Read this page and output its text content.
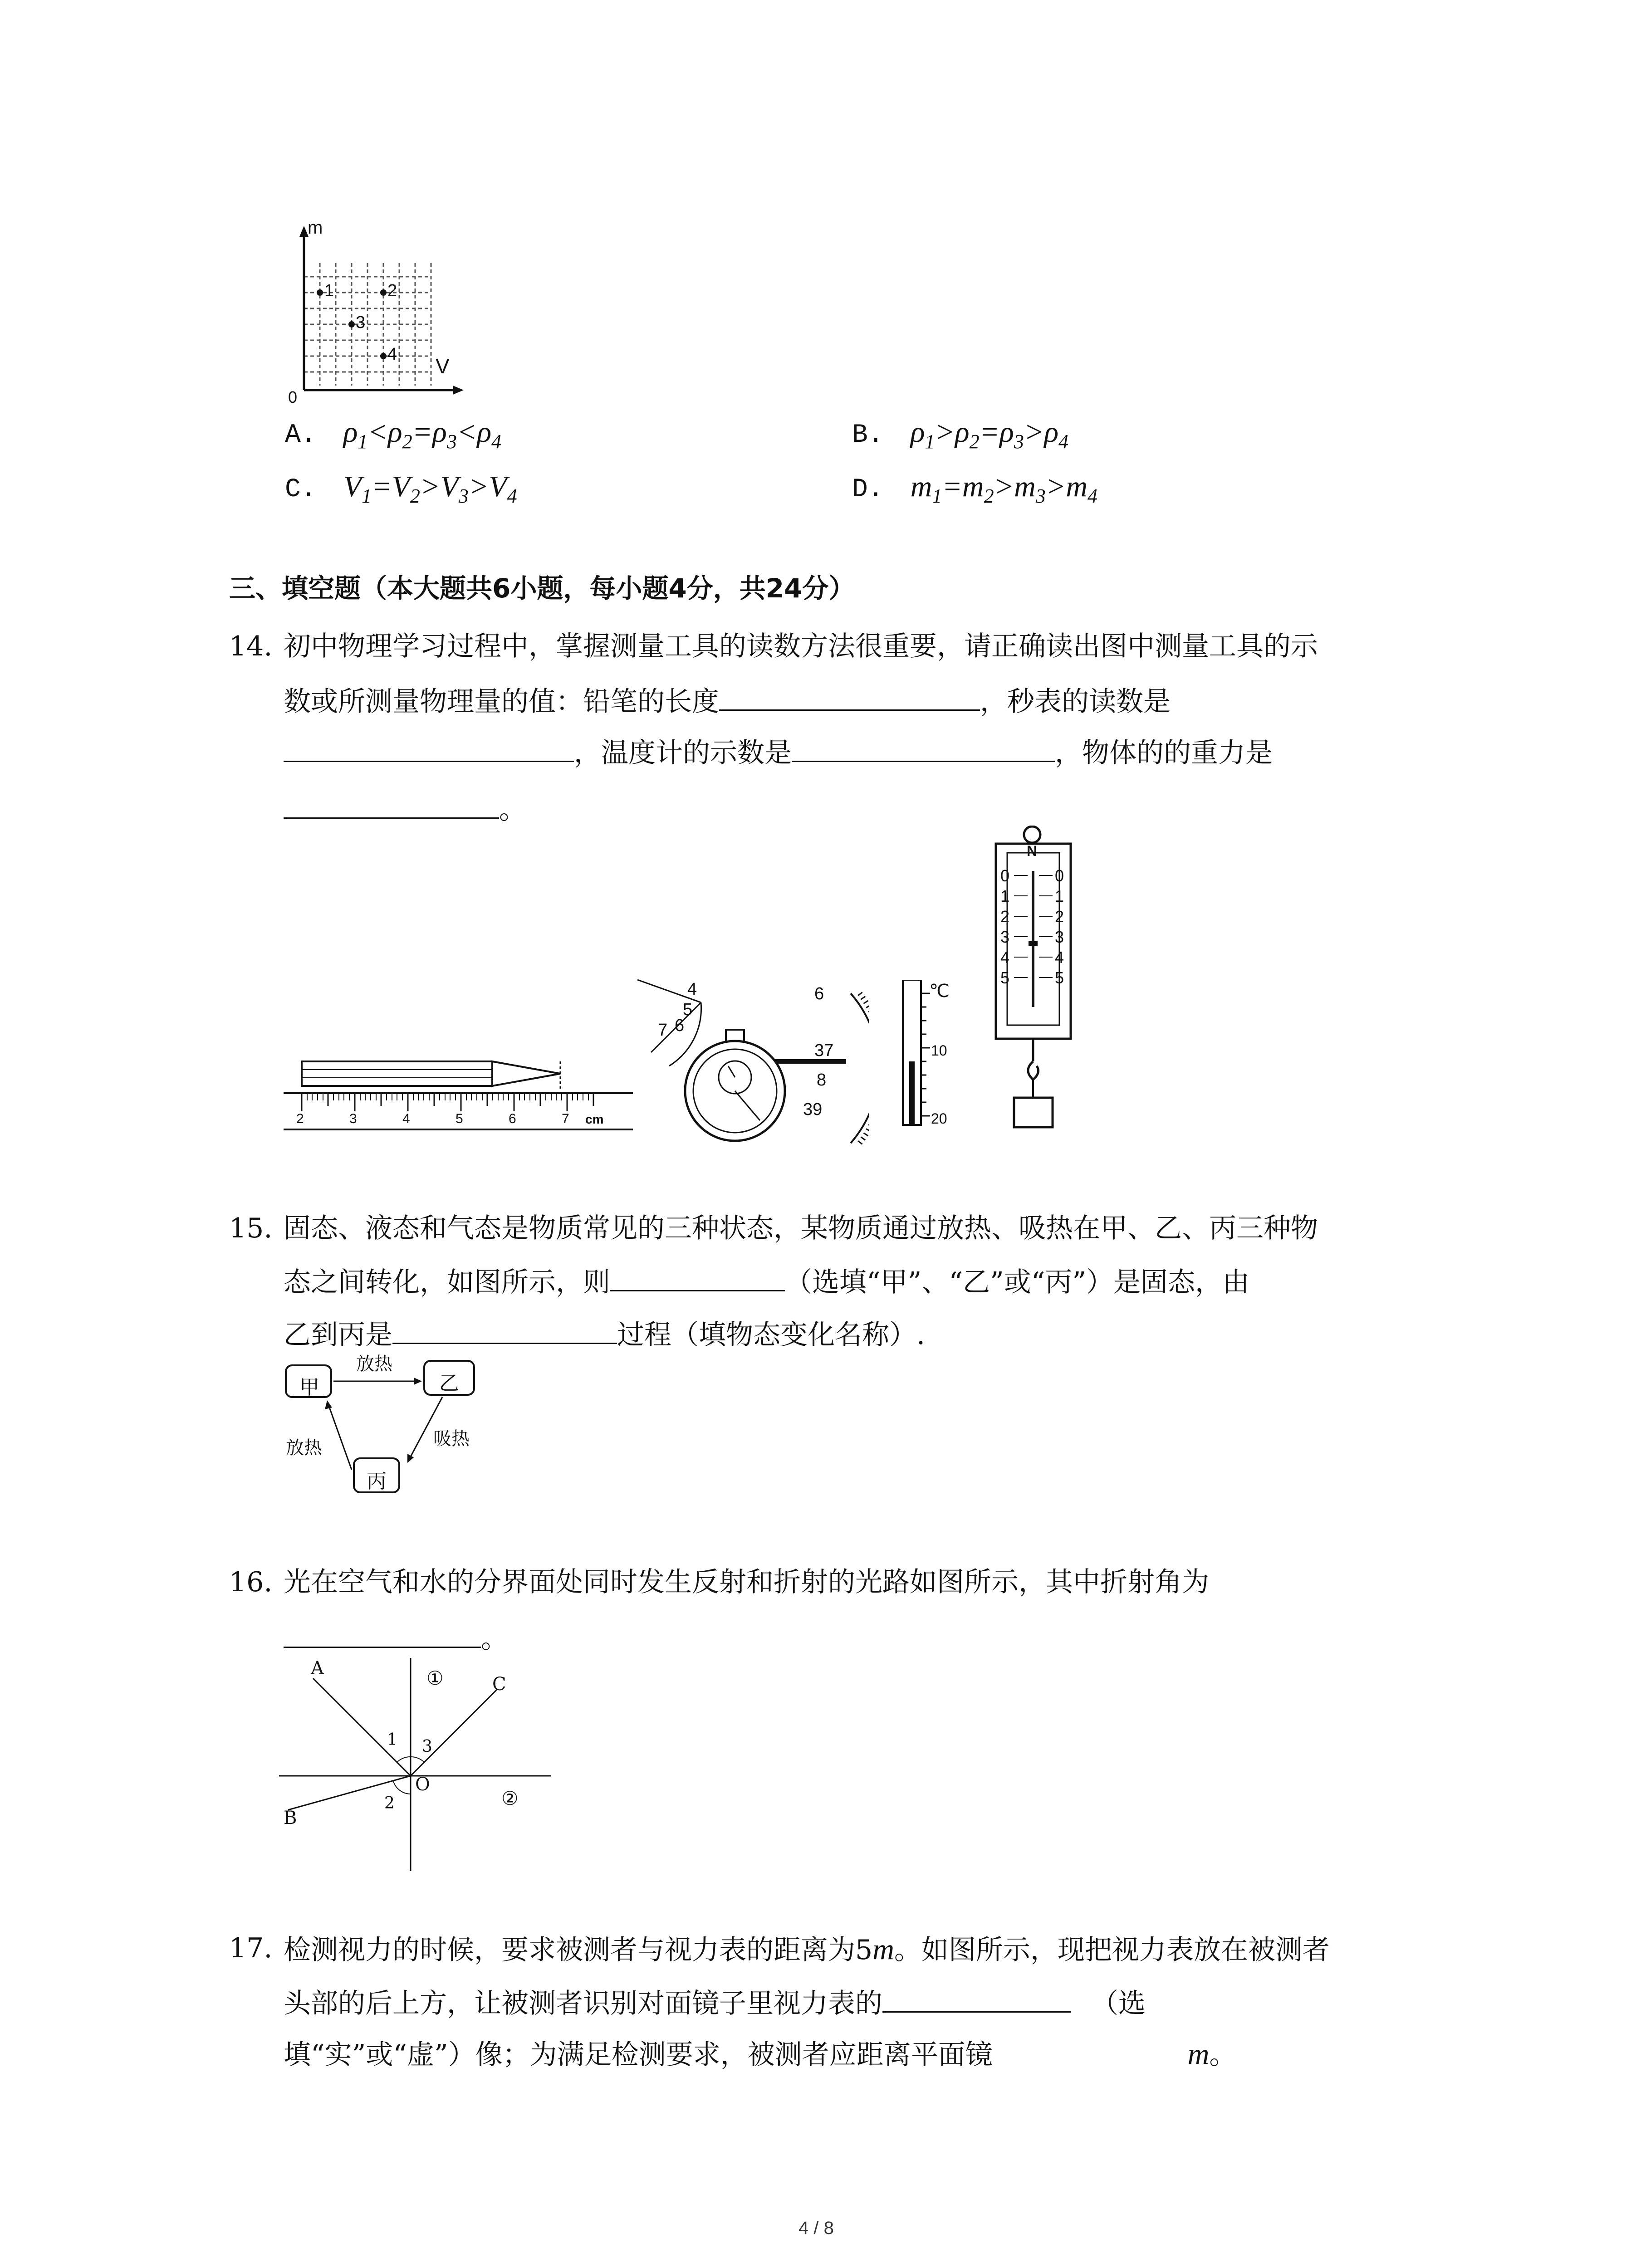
m
V
0
1	2
3
4
A. $\rho_1<\rho_2=\rho_3<\rho_4$	B. $\rho_1>\rho_2=\rho_3>\rho_4$
C. $V_1=V_2>V_3>V_4$	D. $m_1=m_2>m_3>m_4$
三、填空题（本大题共6小题，每小题4分，共24分）
14. 初中物理学习过程中，掌握测量工具的读数方法很重要，请正确读出图中测量工具的示
数或所测量物理量的值：铅笔的长度	，秒表的读数是
，温度计的示数是	，物体的的重力是
。
2	3	4	5	6	7 cm
4
5
6
7
6
37
8
39
℃
10
20
N
0
1
2
3
4
5
0
1
2
3
4
5
15. 固态、液态和气态是物质常见的三种状态，某物质通过放热、吸热在甲、乙、丙三种物
态之间转化，如图所示，则	（选填“甲”、“乙”或“丙”）是固态，由
乙到丙是	过程（填物态变化名称）.
甲	乙
丙
放热
吸热
放热
16. 光在空气和水的分界面处同时发生反射和折射的光路如图所示，其中折射角为
。
A
C
B
O
1 3
2
①
②
17. 检测视力的时候，要求被测者与视力表的距离为5m。如图所示，现把视力表放在被测者
头部的后上方，让被测者识别对面镜子里视力表的	（选
填“实”或“虚”）像；为满足检测要求，被测者应距离平面镜	m。
4 / 8
